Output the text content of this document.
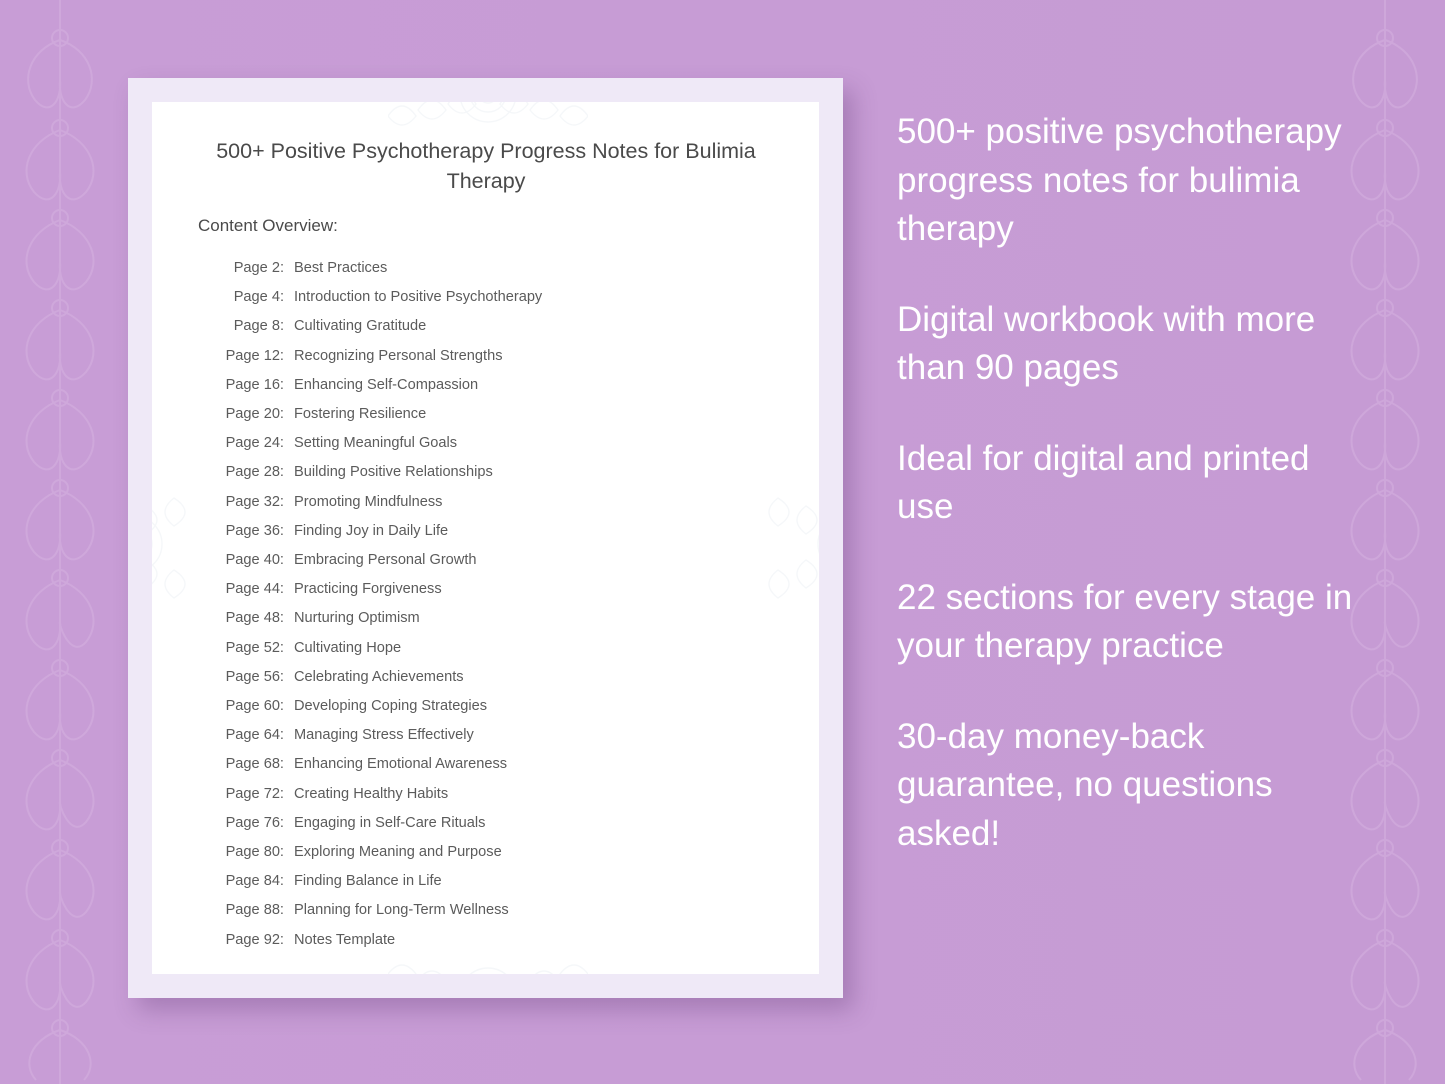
500+ Positive Psychotherapy Progress Notes for Bulimia Therapy
Content Overview:
Page 2: Best Practices
Page 4: Introduction to Positive Psychotherapy
Page 8: Cultivating Gratitude
Page 12: Recognizing Personal Strengths
Page 16: Enhancing Self-Compassion
Page 20: Fostering Resilience
Page 24: Setting Meaningful Goals
Page 28: Building Positive Relationships
Page 32: Promoting Mindfulness
Page 36: Finding Joy in Daily Life
Page 40: Embracing Personal Growth
Page 44: Practicing Forgiveness
Page 48: Nurturing Optimism
Page 52: Cultivating Hope
Page 56: Celebrating Achievements
Page 60: Developing Coping Strategies
Page 64: Managing Stress Effectively
Page 68: Enhancing Emotional Awareness
Page 72: Creating Healthy Habits
Page 76: Engaging in Self-Care Rituals
Page 80: Exploring Meaning and Purpose
Page 84: Finding Balance in Life
Page 88: Planning for Long-Term Wellness
Page 92: Notes Template
500+ positive psychotherapy progress notes for bulimia therapy
Digital workbook with more than 90 pages
Ideal for digital and printed use
22 sections for every stage in your therapy practice
30-day money-back guarantee, no questions asked!
